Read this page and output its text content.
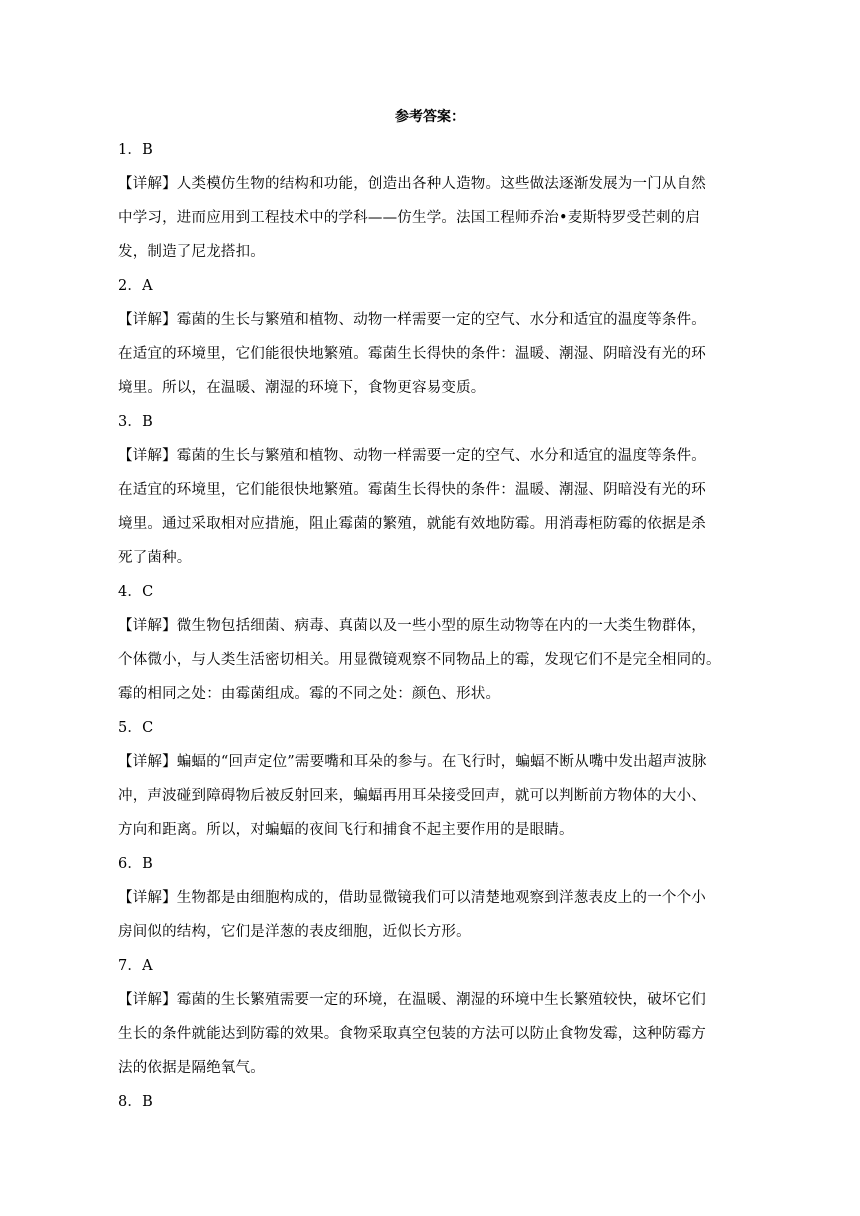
参考答案：
1．B
【详解】人类模仿生物的结构和功能，创造出各种人造物。这些做法逐渐发展为一门从自然
中学习，进而应用到工程技术中的学科——仿生学。法国工程师乔治•麦斯特罗受芒刺的启
发，制造了尼龙搭扣。
2．A
【详解】霉菌的生长与繁殖和植物、动物一样需要一定的空气、水分和适宜的温度等条件。
在适宜的环境里，它们能很快地繁殖。霉菌生长得快的条件：温暖、潮湿、阴暗没有光的环
境里。所以，在温暖、潮湿的环境下，食物更容易变质。
3．B
【详解】霉菌的生长与繁殖和植物、动物一样需要一定的空气、水分和适宜的温度等条件。
在适宜的环境里，它们能很快地繁殖。霉菌生长得快的条件：温暖、潮湿、阴暗没有光的环
境里。通过采取相对应措施，阻止霉菌的繁殖，就能有效地防霉。用消毒柜防霉的依据是杀
死了菌种。
4．C
【详解】微生物包括细菌、病毒、真菌以及一些小型的原生动物等在内的一大类生物群体，
个体微小，与人类生活密切相关。用显微镜观察不同物品上的霉，发现它们不是完全相同的。
霉的相同之处：由霉菌组成。霉的不同之处：颜色、形状。
5．C
【详解】蝙蝠的“回声定位”需要嘴和耳朵的参与。在飞行时，蝙蝠不断从嘴中发出超声波脉
冲，声波碰到障碍物后被反射回来，蝙蝠再用耳朵接受回声，就可以判断前方物体的大小、
方向和距离。所以，对蝙蝠的夜间飞行和捕食不起主要作用的是眼睛。
6．B
【详解】生物都是由细胞构成的，借助显微镜我们可以清楚地观察到洋葱表皮上的一个个小
房间似的结构，它们是洋葱的表皮细胞，近似长方形。
7．A
【详解】霉菌的生长繁殖需要一定的环境，在温暖、潮湿的环境中生长繁殖较快，破坏它们
生长的条件就能达到防霉的效果。食物采取真空包装的方法可以防止食物发霉，这种防霉方
法的依据是隔绝氧气。
8．B
